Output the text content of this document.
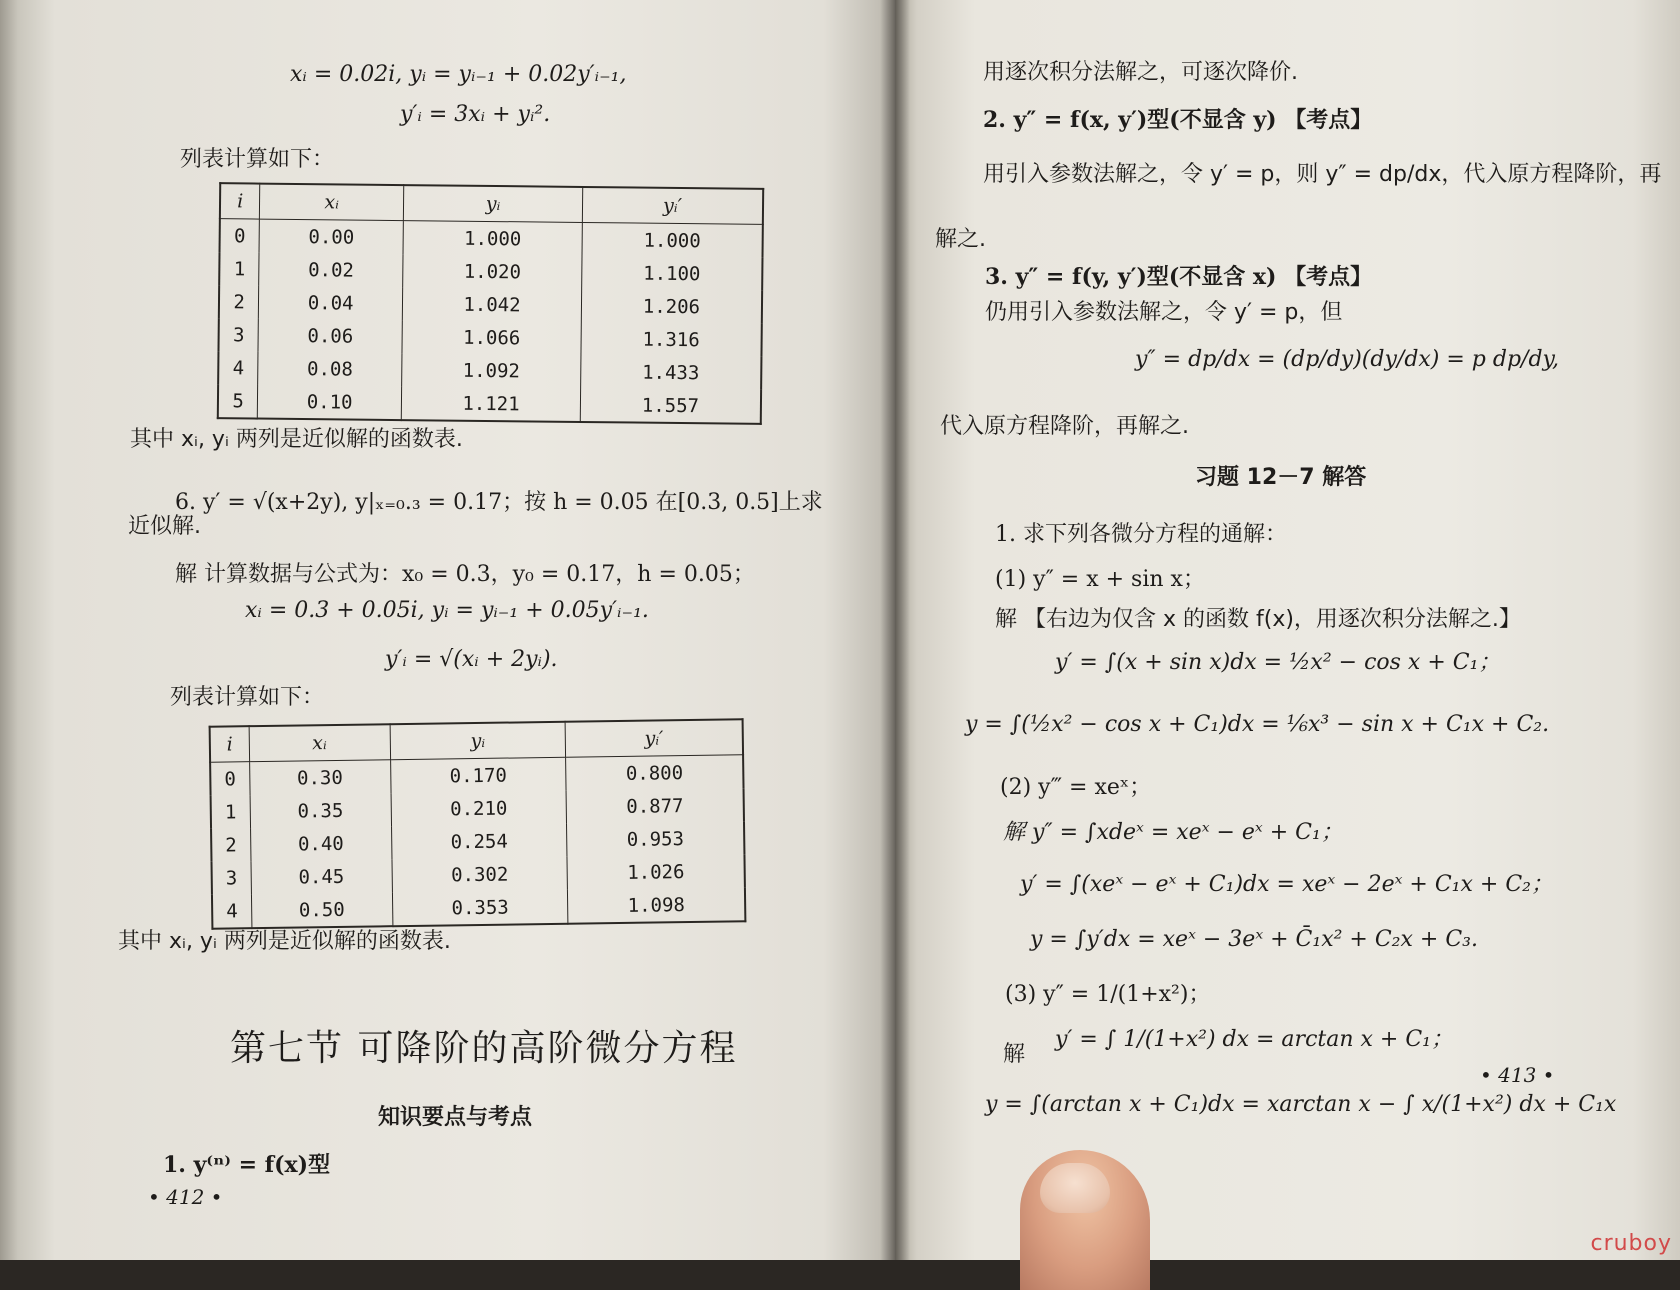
xᵢ = 0.02i, yᵢ = yᵢ₋₁ + 0.02y′ᵢ₋₁,
y′ᵢ = 3xᵢ + yᵢ².
列表计算如下：
i	xᵢ	yᵢ	yᵢ′
0	0.00	1.000	1.000
1	0.02	1.020	1.100
2	0.04	1.042	1.206
3	0.06	1.066	1.316
4	0.08	1.092	1.433
5	0.10	1.121	1.557
其中 xᵢ, yᵢ 两列是近似解的函数表.
6. y′ = √(x+2y), y|ₓ₌₀.₃ = 0.17；按 h = 0.05 在[0.3, 0.5]上求
近似解.
解 计算数据与公式为：x₀ = 0.3，y₀ = 0.17，h = 0.05；
xᵢ = 0.3 + 0.05i, yᵢ = yᵢ₋₁ + 0.05y′ᵢ₋₁.
y′ᵢ = √(xᵢ + 2yᵢ).
列表计算如下：
i	xᵢ	yᵢ	yᵢ′
0	0.30	0.170	0.800
1	0.35	0.210	0.877
2	0.40	0.254	0.953
3	0.45	0.302	1.026
4	0.50	0.353	1.098
其中 xᵢ, yᵢ 两列是近似解的函数表.
第七节 可降阶的高阶微分方程
知识要点与考点
1. y⁽ⁿ⁾ = f(x)型
• 412 •
用逐次积分法解之，可逐次降价.
2. y″ = f(x, y′)型(不显含 y) 【考点】
用引入参数法解之，令 y′ = p，则 y″ = dp/dx，代入原方程降阶，再
解之.
3. y″ = f(y, y′)型(不显含 x) 【考点】
仍用引入参数法解之，令 y′ = p，但
y″ = dp/dx = (dp/dy)(dy/dx) = p dp/dy,
代入原方程降阶，再解之.
习题 12－7 解答
1. 求下列各微分方程的通解：
(1) y″ = x + sin x；
解 【右边为仅含 x 的函数 f(x)，用逐次积分法解之.】
y′ = ∫(x + sin x)dx = ½x² − cos x + C₁；
y = ∫(½x² − cos x + C₁)dx = ⅙x³ − sin x + C₁x + C₂.
(2) y‴ = xeˣ；
解 y″ = ∫xdeˣ = xeˣ − eˣ + C₁；
y′ = ∫(xeˣ − eˣ + C₁)dx = xeˣ − 2eˣ + C₁x + C₂；
y = ∫y′dx = xeˣ − 3eˣ + C̄₁x² + C₂x + C₃.
(3) y″ = 1/(1+x²)；
解
y′ = ∫ 1/(1+x²) dx = arctan x + C₁；
y = ∫(arctan x + C₁)dx = xarctan x − ∫ x/(1+x²) dx + C₁x
• 413 •
cruboy
